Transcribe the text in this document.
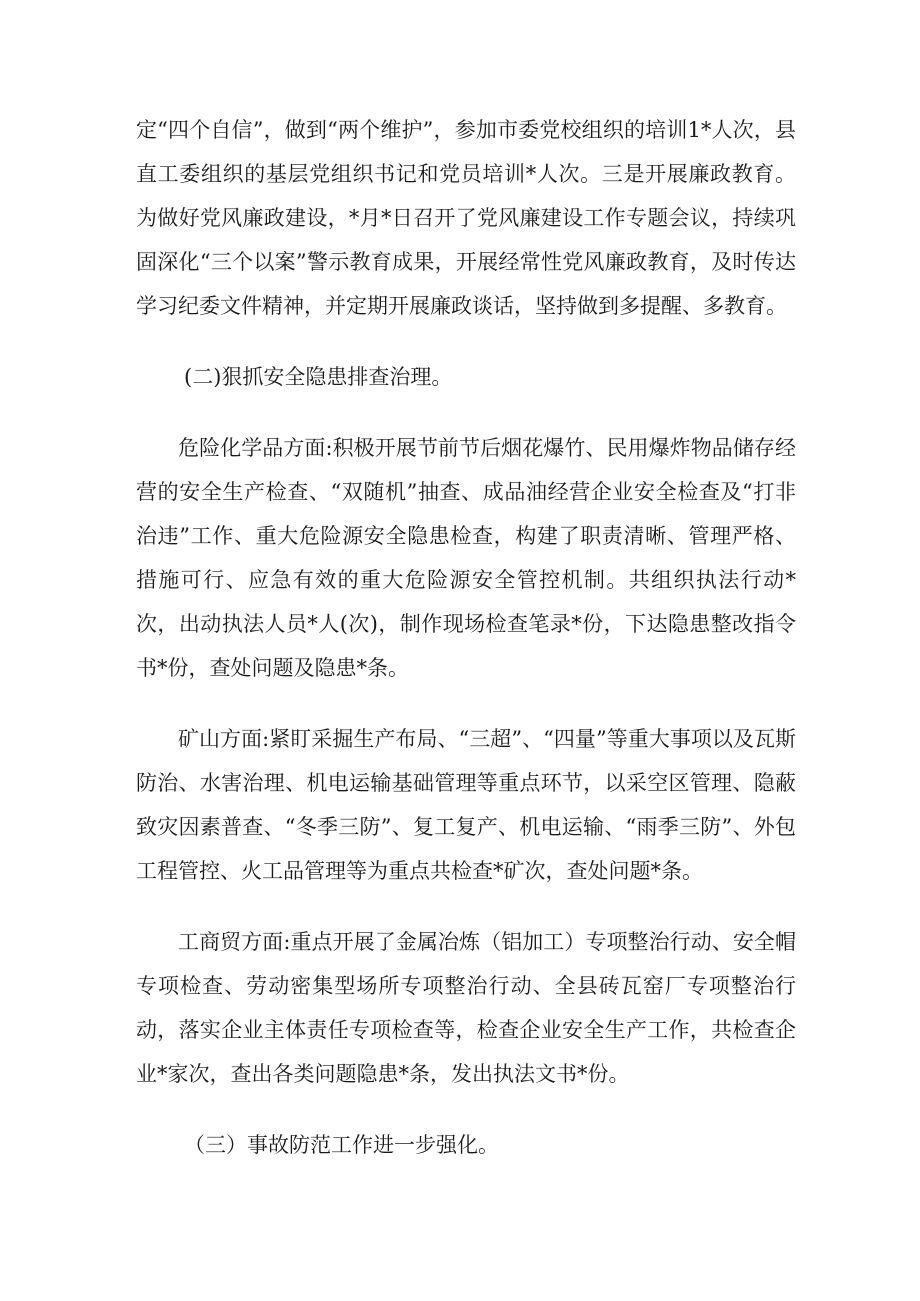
定“四个自信”，做到“两个维护”，参加市委党校组织的培训1*人次，县直工委组织的基层党组织书记和党员培训*人次。三是开展廉政教育。为做好党风廉政建设，*月*日召开了党风廉建设工作专题会议，持续巩固深化“三个以案”警示教育成果，开展经常性党风廉政教育，及时传达学习纪委文件精神，并定期开展廉政谈话，坚持做到多提醒、多教育。

(二)狠抓安全隐患排查治理。

危险化学品方面:积极开展节前节后烟花爆竹、民用爆炸物品储存经营的安全生产检查、“双随机”抽查、成品油经营企业安全检查及“打非治违”工作、重大危险源安全隐患检查，构建了职责清晰、管理严格、措施可行、应急有效的重大危险源安全管控机制。共组织执法行动*次，出动执法人员*人(次)，制作现场检查笔录*份，下达隐患整改指令书*份，查处问题及隐患*条。

矿山方面:紧盯采掘生产布局、“三超”、“四量”等重大事项以及瓦斯防治、水害治理、机电运输基础管理等重点环节，以采空区管理、隐蔽致灾因素普查、“冬季三防”、复工复产、机电运输、“雨季三防”、外包工程管控、火工品管理等为重点共检查*矿次，查处问题*条。

工商贸方面:重点开展了金属冶炼（铝加工）专项整治行动、安全帽专项检查、劳动密集型场所专项整治行动、全县砖瓦窑厂专项整治行动，落实企业主体责任专项检查等，检查企业安全生产工作，共检查企业*家次，查出各类问题隐患*条，发出执法文书*份。

（三）事故防范工作进一步强化。
